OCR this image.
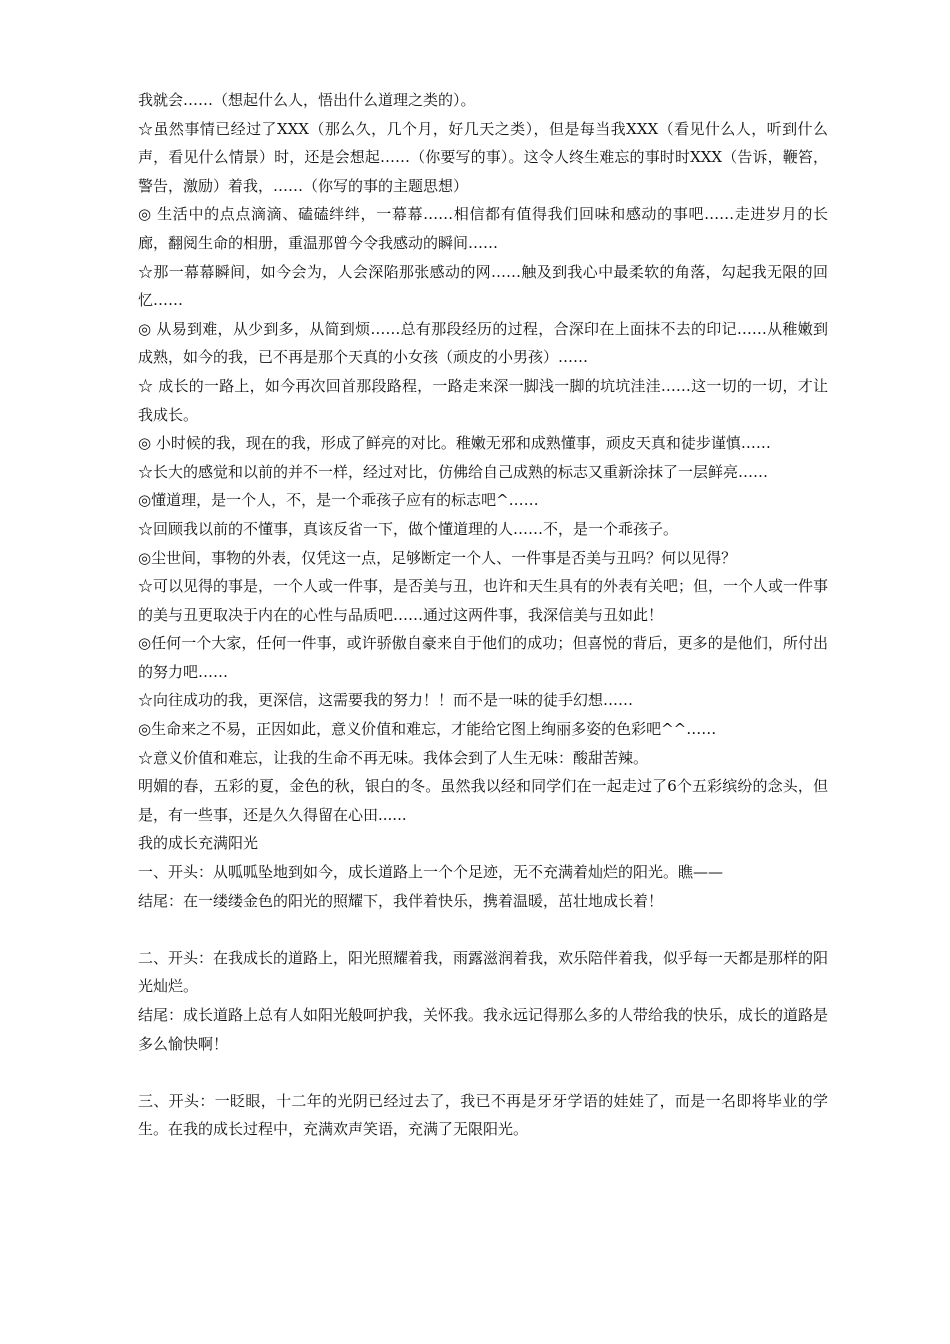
我就会……（想起什么人，悟出什么道理之类的）。

☆虽然事情已经过了XXX（那么久，几个月，好几天之类），但是每当我XXX（看见什么人，听到什么声，看见什么情景）时，还是会想起……（你要写的事）。这令人终生难忘的事时时XXX（告诉，鞭笞，警告，激励）着我，……（你写的事的主题思想）

◎ 生活中的点点滴滴、磕磕绊绊，一幕幕……相信都有值得我们回味和感动的事吧……走进岁月的长廊，翻阅生命的相册，重温那曾今令我感动的瞬间……

☆那一幕幕瞬间，如今会为，人会深陷那张感动的网……触及到我心中最柔软的角落，勾起我无限的回忆……

◎ 从易到难，从少到多，从简到烦……总有那段经历的过程，合深印在上面抹不去的印记……从稚嫩到成熟，如今的我，已不再是那个天真的小女孩（顽皮的小男孩）……

☆ 成长的一路上，如今再次回首那段路程，一路走来深一脚浅一脚的坑坑洼洼……这一切的一切，才让我成长。

◎ 小时候的我，现在的我，形成了鲜亮的对比。稚嫩无邪和成熟懂事，顽皮天真和徒步谨慎……

☆长大的感觉和以前的并不一样，经过对比，仿佛给自己成熟的标志又重新涂抹了一层鲜亮……

◎懂道理，是一个人，不，是一个乖孩子应有的标志吧^……

☆回顾我以前的不懂事，真该反省一下，做个懂道理的人……不，是一个乖孩子。

◎尘世间，事物的外表，仅凭这一点，足够断定一个人、一件事是否美与丑吗？何以见得？

☆可以见得的事是，一个人或一件事，是否美与丑，也许和天生具有的外表有关吧；但，一个人或一件事的美与丑更取决于内在的心性与品质吧……通过这两件事，我深信美与丑如此！

◎任何一个大家，任何一件事，或许骄傲自豪来自于他们的成功；但喜悦的背后，更多的是他们，所付出的努力吧……

☆向往成功的我，更深信，这需要我的努力！！而不是一味的徒手幻想……

◎生命来之不易，正因如此，意义价值和难忘，才能给它图上绚丽多姿的色彩吧^^……

☆意义价值和难忘，让我的生命不再无味。我体会到了人生无味：酸甜苦辣。

明媚的春，五彩的夏，金色的秋，银白的冬。虽然我以经和同学们在一起走过了6个五彩缤纷的念头，但是，有一些事，还是久久得留在心田......

我的成长充满阳光

一、开头：从呱呱坠地到如今，成长道路上一个个足迹，无不充满着灿烂的阳光。瞧——

结尾：在一缕缕金色的阳光的照耀下，我伴着快乐，携着温暖，茁壮地成长着！

二、开头：在我成长的道路上，阳光照耀着我，雨露滋润着我，欢乐陪伴着我，似乎每一天都是那样的阳光灿烂。

结尾：成长道路上总有人如阳光般呵护我，关怀我。我永远记得那么多的人带给我的快乐，成长的道路是多么愉快啊！

三、开头：一眨眼，十二年的光阴已经过去了，我已不再是牙牙学语的娃娃了，而是一名即将毕业的学生。在我的成长过程中，充满欢声笑语，充满了无限阳光。
